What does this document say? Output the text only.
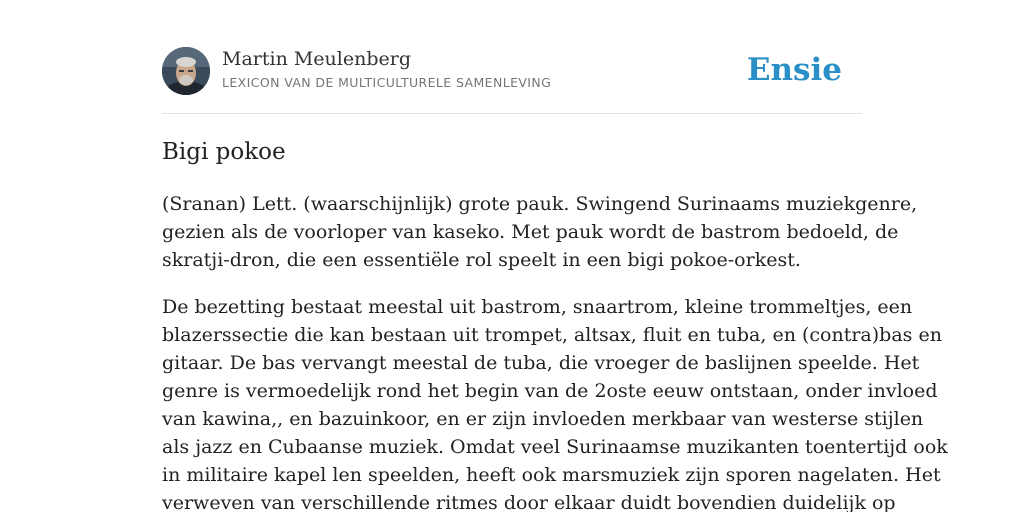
Martin Meulenberg
LEXICON VAN DE MULTICULTURELE SAMENLEVING	Ensie
Bigi pokoe

(Sranan) Lett. (waarschijnlijk) grote pauk. Swingend Surinaams muziekgenre,
gezien als de voorloper van kaseko. Met pauk wordt de bastrom bedoeld, de
skratji-dron, die een essentiële rol speelt in een bigi pokoe-orkest.

De bezetting bestaat meestal uit bastrom, snaartrom, kleine trommeltjes, een
blazerssectie die kan bestaan uit trompet, altsax, fluit en tuba, en (contra)bas en
gitaar. De bas vervangt meestal de tuba, die vroeger de baslijnen speelde. Het
genre is vermoedelijk rond het begin van de 2oste eeuw ontstaan, onder invloed
van kawina,, en bazuinkoor, en er zijn invloeden merkbaar van westerse stijlen
als jazz en Cubaanse muziek. Omdat veel Surinaamse muzikanten toentertijd ook
in militaire kapel len speelden, heeft ook marsmuziek zijn sporen nagelaten. Het
verweven van verschillende ritmes door elkaar duidt bovendien duidelijk op
